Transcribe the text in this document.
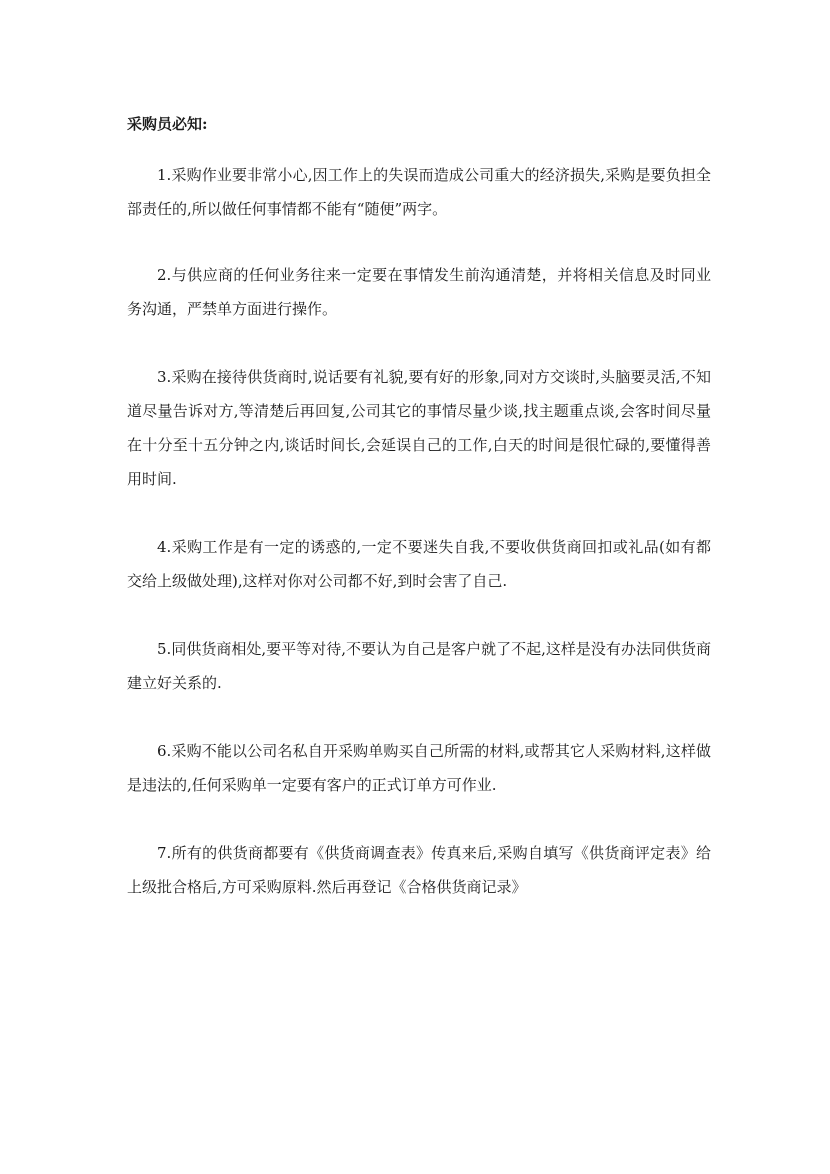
采购员必知:

1.采购作业要非常小心,因工作上的失误而造成公司重大的经济损失,采购是要负担全部责任的,所以做任何事情都不能有“随便”两字。

2.与供应商的任何业务往来一定要在事情发生前沟通清楚，并将相关信息及时同业务沟通，严禁单方面进行操作。

3.采购在接待供货商时,说话要有礼貌,要有好的形象,同对方交谈时,头脑要灵活,不知道尽量告诉对方,等清楚后再回复,公司其它的事情尽量少谈,找主题重点谈,会客时间尽量在十分至十五分钟之内,谈话时间长,会延误自己的工作,白天的时间是很忙碌的,要懂得善用时间.

4.采购工作是有一定的诱惑的,一定不要迷失自我,不要收供货商回扣或礼品(如有都交给上级做处理),这样对你对公司都不好,到时会害了自己.

5.同供货商相处,要平等对待,不要认为自己是客户就了不起,这样是没有办法同供货商建立好关系的.

6.采购不能以公司名私自开采购单购买自己所需的材料,或帮其它人采购材料,这样做是违法的,任何采购单一定要有客户的正式订单方可作业.

7.所有的供货商都要有《供货商调查表》传真来后,采购自填写《供货商评定表》给上级批合格后,方可采购原料.然后再登记《合格供货商记录》
